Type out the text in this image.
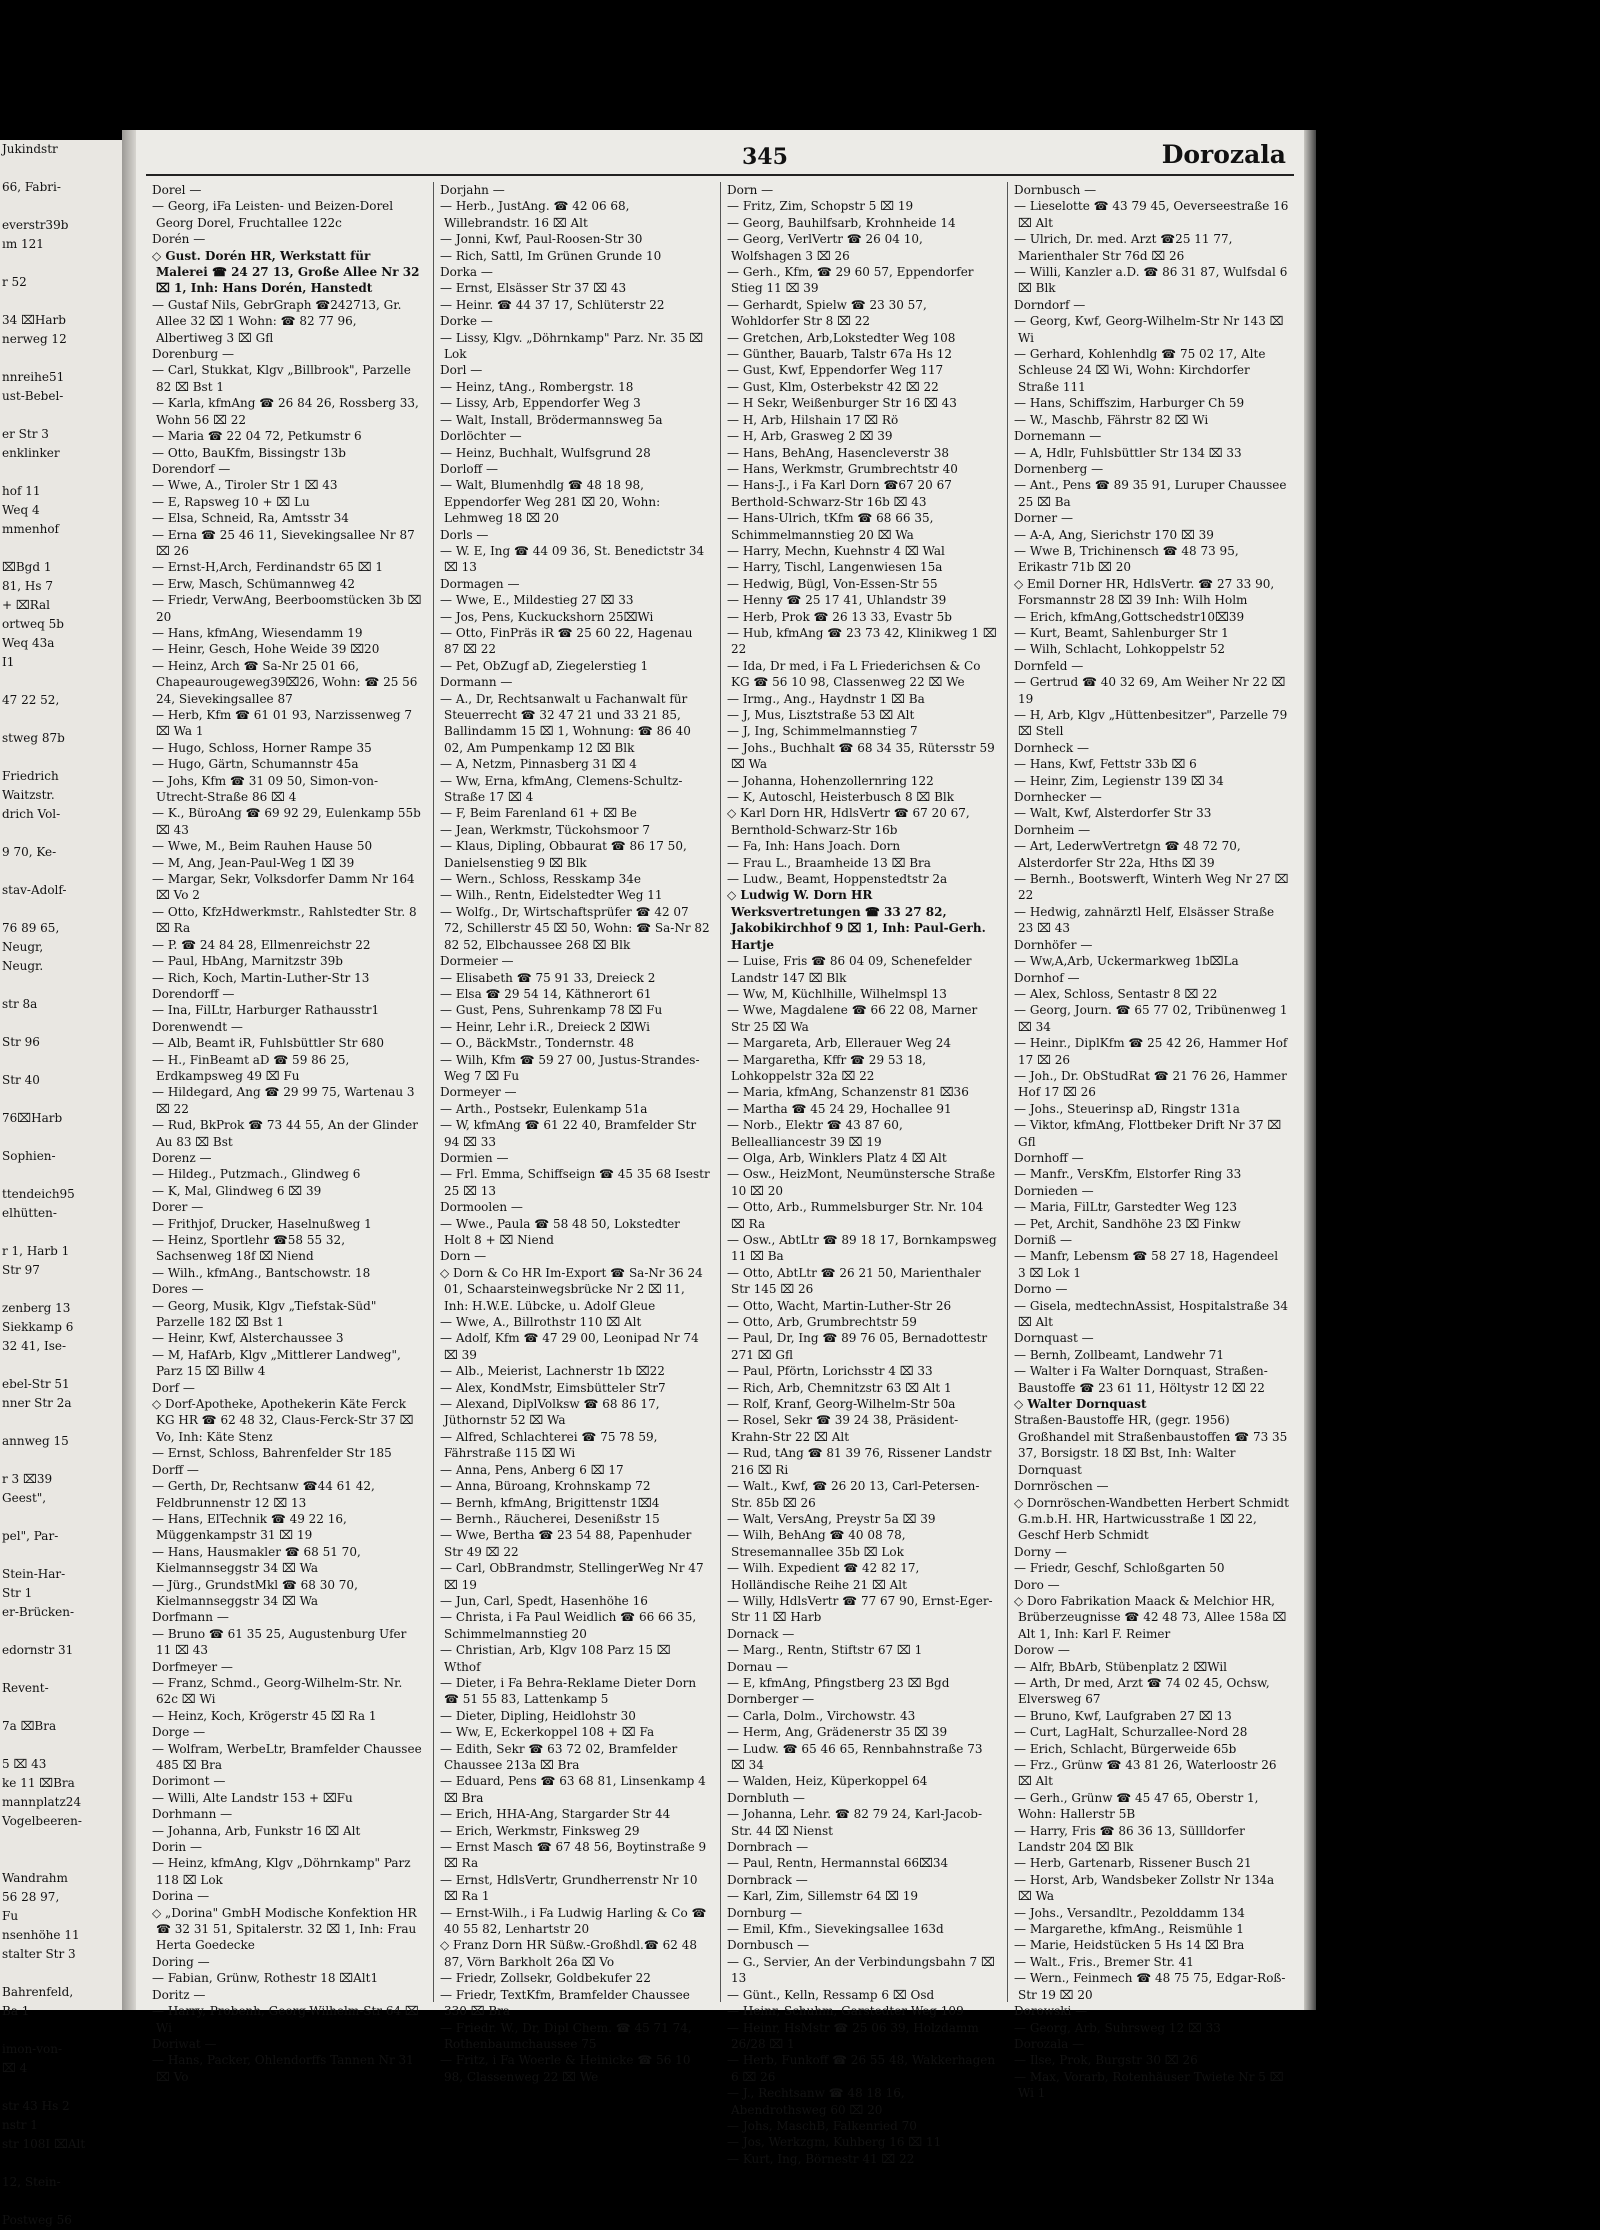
Jukindstr

66, Fabri-

everstr39b
ım 121

r 52

34 ⌧Harb
nerweg 12

nnreihe51
ust-Bebel-

er Str 3
enklinker

hof 11
Weq 4
mmenhof

⌧Bgd 1
81, Hs 7
+ ⌧Ral
ortweq 5b
Weq 43a
I1

47 22 52,

stweg 87b

Friedrich
Waitzstr.
drich Vol-

9 70, Ke-

stav-Adolf-

76 89 65,
Neugr,
Neugr.

str 8a

Str 96

Str 40

76⌧Harb

Sophien-

ttendeich95
elhütten-

r 1, Harb 1
Str 97

zenberg 13
Siekkamp 6
32 41, Ise-

ebel-Str 51
nner Str 2a

annweg 15

r 3 ⌧39
Geest",

pel", Par-

Stein-Har-
Str 1
er-Brücken-

edornstr 31

Revent-

7a ⌧Bra

5 ⌧ 43
ke 11 ⌧Bra
mannplatz24
Vogelbeeren-

Wandrahm
56 28 97,
Fu
nsenhöhe 11
stalter Str 3

Bahrenfeld,
Ba 1

imon-von-
⌧ 4

str 43 Hs 2
nstr 1
str 108I ⌧Alt

12, Stein-

Postweg 56
345	Dorozala
Dorel —
— Georg, iFa Leisten- und Beizen-Dorel Georg Dorel, Fruchtallee 122c
Dorén —
◇ Gust. Dorén HR, Werkstatt für Malerei ☎ 24 27 13, Große Allee Nr 32 ⌧ 1, Inh: Hans Dorén, Hanstedt
— Gustaf Nils, GebrGraph ☎242713, Gr. Allee 32 ⌧ 1 Wohn: ☎ 82 77 96, Albertiweg 3 ⌧ Gfl
Dorenburg —
— Carl, Stukkat, Klgv „Billbrook", Parzelle 82 ⌧ Bst 1
— Karla, kfmAng ☎ 26 84 26, Rossberg 33, Wohn 56 ⌧ 22
— Maria ☎ 22 04 72, Petkumstr 6
— Otto, BauKfm, Bissingstr 13b
Dorendorf —
— Wwe, A., Tiroler Str 1 ⌧ 43
— E, Rapsweg 10 + ⌧ Lu
— Elsa, Schneid, Ra, Amtsstr 34
— Erna ☎ 25 46 11, Sievekingsallee Nr 87 ⌧ 26
— Ernst-H,Arch, Ferdinandstr 65 ⌧ 1
— Erw, Masch, Schümannweg 42
— Friedr, VerwAng, Beerboomstücken 3b ⌧ 20
— Hans, kfmAng, Wiesendamm 19
— Heinr, Gesch, Hohe Weide 39 ⌧20
— Heinz, Arch ☎ Sa-Nr 25 01 66, Chapeaurougeweg39⌧26, Wohn: ☎ 25 56 24, Sievekingsallee 87
— Herb, Kfm ☎ 61 01 93, Narzissenweg 7 ⌧ Wa 1
— Hugo, Schloss, Horner Rampe 35
— Hugo, Gärtn, Schumannstr 45a
— Johs, Kfm ☎ 31 09 50, Simon-von-Utrecht-Straße 86 ⌧ 4
— K., BüroAng ☎ 69 92 29, Eulenkamp 55b ⌧ 43
— Wwe, M., Beim Rauhen Hause 50
— M, Ang, Jean-Paul-Weg 1 ⌧ 39
— Margar, Sekr, Volksdorfer Damm Nr 164 ⌧ Vo 2
— Otto, KfzHdwerkmstr., Rahlstedter Str. 8 ⌧ Ra
— P. ☎ 24 84 28, Ellmenreichstr 22
— Paul, HbAng, Marnitzstr 39b
— Rich, Koch, Martin-Luther-Str 13
Dorendorff —
— Ina, FilLtr, Harburger Rathausstr1
Dorenwendt —
— Alb, Beamt iR, Fuhlsbüttler Str 680
— H., FinBeamt aD ☎ 59 86 25, Erdkampsweg 49 ⌧ Fu
— Hildegard, Ang ☎ 29 99 75, Wartenau 3 ⌧ 22
— Rud, BkProk ☎ 73 44 55, An der Glinder Au 83 ⌧ Bst
Dorenz —
— Hildeg., Putzmach., Glindweg 6
— K, Mal, Glindweg 6 ⌧ 39
Dorer —
— Frithjof, Drucker, Haselnußweg 1
— Heinz, Sportlehr ☎58 55 32, Sachsenweg 18f ⌧ Niend
— Wilh., kfmAng., Bantschowstr. 18
Dores —
— Georg, Musik, Klgv „Tiefstak-Süd" Parzelle 182 ⌧ Bst 1
— Heinr, Kwf, Alsterchaussee 3
— M, HafArb, Klgv „Mittlerer Landweg", Parz 15 ⌧ Billw 4
Dorf —
◇ Dorf-Apotheke, Apothekerin Käte Ferck KG HR ☎ 62 48 32, Claus-Ferck-Str 37 ⌧ Vo, Inh: Käte Stenz
— Ernst, Schloss, Bahrenfelder Str 185
Dorff —
— Gerth, Dr, Rechtsanw ☎44 61 42, Feldbrunnenstr 12 ⌧ 13
— Hans, ElTechnik ☎ 49 22 16, Müggenkampstr 31 ⌧ 19
— Hans, Hausmakler ☎ 68 51 70, Kielmannseggstr 34 ⌧ Wa
— Jürg., GrundstMkl ☎ 68 30 70, Kielmannseggstr 34 ⌧ Wa
Dorfmann —
— Bruno ☎ 61 35 25, Augustenburg Ufer 11 ⌧ 43
Dorfmeyer —
— Franz, Schmd., Georg-Wilhelm-Str. Nr. 62c ⌧ Wi
— Heinz, Koch, Krögerstr 45 ⌧ Ra 1
Dorge —
— Wolfram, WerbeLtr, Bramfelder Chaussee 485 ⌧ Bra
Dorimont —
— Willi, Alte Landstr 153 + ⌧Fu
Dorhmann —
— Johanna, Arb, Funkstr 16 ⌧ Alt
Dorin —
— Heinz, kfmAng, Klgv „Döhrnkamp" Parz 118 ⌧ Lok
Dorina —
◇ „Dorina" GmbH Modische Konfektion HR ☎ 32 31 51, Spitalerstr. 32 ⌧ 1, Inh: Frau Herta Goedecke
Doring —
— Fabian, Grünw, Rothestr 18 ⌧Alt1
Doritz —
— Harry, Probenh, Georg-Wilhelm-Str 64 ⌧ Wi
Doriwat —
— Hans, Packer, Ohlendorffs Tannen Nr 31 ⌧ Vo
Dorjahn —
— Herb., JustAng. ☎ 42 06 68, Willebrandstr. 16 ⌧ Alt
— Jonni, Kwf, Paul-Roosen-Str 30
— Rich, Sattl, Im Grünen Grunde 10
Dorka —
— Ernst, Elsässer Str 37 ⌧ 43
— Heinr. ☎ 44 37 17, Schlüterstr 22
Dorke —
— Lissy, Klgv. „Döhrnkamp" Parz. Nr. 35 ⌧ Lok
Dorl —
— Heinz, tAng., Rombergstr. 18
— Lissy, Arb, Eppendorfer Weg 3
— Walt, Install, Brödermannsweg 5a
Dorlöchter —
— Heinz, Buchhalt, Wulfsgrund 28
Dorloff —
— Walt, Blumenhdlg ☎ 48 18 98, Eppendorfer Weg 281 ⌧ 20, Wohn: Lehmweg 18 ⌧ 20
Dorls —
— W. E, Ing ☎ 44 09 36, St. Benedictstr 34 ⌧ 13
Dormagen —
— Wwe, E., Mildestieg 27 ⌧ 33
— Jos, Pens, Kuckuckshorn 25⌧Wi
— Otto, FinPräs iR ☎ 25 60 22, Hagenau 87 ⌧ 22
— Pet, ObZugf aD, Ziegelerstieg 1
Dormann —
— A., Dr, Rechtsanwalt u Fachanwalt für Steuerrecht ☎ 32 47 21 und 33 21 85, Ballindamm 15 ⌧ 1, Wohnung: ☎ 86 40 02, Am Pumpenkamp 12 ⌧ Blk
— A, Netzm, Pinnasberg 31 ⌧ 4
— Ww, Erna, kfmAng, Clemens-Schultz-Straße 17 ⌧ 4
— F, Beim Farenland 61 + ⌧ Be
— Jean, Werkmstr, Tückohsmoor 7
— Klaus, Dipling, Obbaurat ☎ 86 17 50, Danielsenstieg 9 ⌧ Blk
— Wern., Schloss, Resskamp 34e
— Wilh., Rentn, Eidelstedter Weg 11
— Wolfg., Dr, Wirtschaftsprüfer ☎ 42 07 72, Schillerstr 45 ⌧ 50, Wohn: ☎ Sa-Nr 82 82 52, Elbchaussee 268 ⌧ Blk
Dormeier —
— Elisabeth ☎ 75 91 33, Dreieck 2
— Elsa ☎ 29 54 14, Käthnerort 61
— Gust, Pens, Suhrenkamp 78 ⌧ Fu
— Heinr, Lehr i.R., Dreieck 2 ⌧Wi
— O., BäckMstr., Tondernstr. 48
— Wilh, Kfm ☎ 59 27 00, Justus-Strandes-Weg 7 ⌧ Fu
Dormeyer —
— Arth., Postsekr, Eulenkamp 51a
— W, kfmAng ☎ 61 22 40, Bramfelder Str 94 ⌧ 33
Dormien —
— Frl. Emma, Schiffseign ☎ 45 35 68 Isestr 25 ⌧ 13
Dormoolen —
— Wwe., Paula ☎ 58 48 50, Lokstedter Holt 8 + ⌧ Niend
Dorn —
◇ Dorn & Co HR Im-Export ☎ Sa-Nr 36 24 01, Schaarsteinwegsbrücke Nr 2 ⌧ 11, Inh: H.W.E. Lübcke, u. Adolf Gleue
— Wwe, A., Billrothstr 110 ⌧ Alt
— Adolf, Kfm ☎ 47 29 00, Leonipad Nr 74 ⌧ 39
— Alb., Meierist, Lachnerstr 1b ⌧22
— Alex, KondMstr, Eimsbütteler Str7
— Alexand, DiplVolksw ☎ 68 86 17, Jüthornstr 52 ⌧ Wa
— Alfred, Schlachterei ☎ 75 78 59, Fährstraße 115 ⌧ Wi
— Anna, Pens, Anberg 6 ⌧ 17
— Anna, Büroang, Krohnskamp 72
— Bernh, kfmAng, Brigittenstr 1⌧4
— Bernh., Räucherei, Desenißstr 15
— Wwe, Bertha ☎ 23 54 88, Papenhuder Str 49 ⌧ 22
— Carl, ObBrandmstr, StellingerWeg Nr 47 ⌧ 19
— Jun, Carl, Spedt, Hasenhöhe 16
— Christa, i Fa Paul Weidlich ☎ 66 66 35, Schimmelmannstieg 20
— Christian, Arb, Klgv 108 Parz 15 ⌧ Wthof
— Dieter, i Fa Behra-Reklame Dieter Dorn ☎ 51 55 83, Lattenkamp 5
— Dieter, Dipling, Heidlohstr 30
— Ww, E, Eckerkoppel 108 + ⌧ Fa
— Edith, Sekr ☎ 63 72 02, Bramfelder Chaussee 213a ⌧ Bra
— Eduard, Pens ☎ 63 68 81, Linsenkamp 4 ⌧ Bra
— Erich, HHA-Ang, Stargarder Str 44
— Erich, Werkmstr, Finksweg 29
— Ernst Masch ☎ 67 48 56, Boytinstraße 9 ⌧ Ra
— Ernst, HdlsVertr, Grundherrenstr Nr 10 ⌧ Ra 1
— Ernst-Wilh., i Fa Ludwig Harling & Co ☎ 40 55 82, Lenhartstr 20
◇ Franz Dorn HR Süßw.-Großhdl.☎ 62 48 87, Vörn Barkholt 26a ⌧ Vo
— Friedr, Zollsekr, Goldbekufer 22
— Friedr, TextKfm, Bramfelder Chaussee 330 ⌧ Bra
— Friedr. W., Dr, Dipl Chem. ☎ 45 71 74, Rothenbaumchaussee 75
— Fritz, i Fa Woerle & Heinicke ☎ 56 10 98, Classenweg 22 ⌧ We
Dorn —
— Fritz, Zim, Schopstr 5 ⌧ 19
— Georg, Bauhilfsarb, Krohnheide 14
— Georg, VerlVertr ☎ 26 04 10, Wolfshagen 3 ⌧ 26
— Gerh., Kfm, ☎ 29 60 57, Eppendorfer Stieg 11 ⌧ 39
— Gerhardt, Spielw ☎ 23 30 57, Wohldorfer Str 8 ⌧ 22
— Gretchen, Arb,Lokstedter Weg 108
— Günther, Bauarb, Talstr 67a Hs 12
— Gust, Kwf, Eppendorfer Weg 117
— Gust, Klm, Osterbekstr 42 ⌧ 22
— H Sekr, Weißenburger Str 16 ⌧ 43
— H, Arb, Hilshain 17 ⌧ Rö
— H, Arb, Grasweg 2 ⌧ 39
— Hans, BehAng, Hasencleverstr 38
— Hans, Werkmstr, Grumbrechtstr 40
— Hans-J., i Fa Karl Dorn ☎67 20 67 Berthold-Schwarz-Str 16b ⌧ 43
— Hans-Ulrich, tKfm ☎ 68 66 35, Schimmelmannstieg 20 ⌧ Wa
— Harry, Mechn, Kuehnstr 4 ⌧ Wal
— Harry, Tischl, Langenwiesen 15a
— Hedwig, Bügl, Von-Essen-Str 55
— Henny ☎ 25 17 41, Uhlandstr 39
— Herb, Prok ☎ 26 13 33, Evastr 5b
— Hub, kfmAng ☎ 23 73 42, Klinikweg 1 ⌧ 22
— Ida, Dr med, i Fa L Friederichsen & Co KG ☎ 56 10 98, Classenweg 22 ⌧ We
— Irmg., Ang., Haydnstr 1 ⌧ Ba
— J, Mus, Lisztstraße 53 ⌧ Alt
— J, Ing, Schimmelmannstieg 7
— Johs., Buchhalt ☎ 68 34 35, Rütersstr 59 ⌧ Wa
— Johanna, Hohenzollernring 122
— K, Autoschl, Heisterbusch 8 ⌧ Blk
◇ Karl Dorn HR, HdlsVertr ☎ 67 20 67, Bernthold-Schwarz-Str 16b
— Fa, Inh: Hans Joach. Dorn
— Frau L., Braamheide 13 ⌧ Bra
— Ludw., Beamt, Hoppenstedtstr 2a
◇ Ludwig W. Dorn HR Werksvertretungen ☎ 33 27 82, Jakobikirchhof 9 ⌧ 1, Inh: Paul-Gerh. Hartje
— Luise, Fris ☎ 86 04 09, Schenefelder Landstr 147 ⌧ Blk
— Ww, M, Küchlhille, Wilhelmspl 13
— Wwe, Magdalene ☎ 66 22 08, Marner Str 25 ⌧ Wa
— Margareta, Arb, Ellerauer Weg 24
— Margaretha, Kffr ☎ 29 53 18, Lohkoppelstr 32a ⌧ 22
— Maria, kfmAng, Schanzenstr 81 ⌧36
— Martha ☎ 45 24 29, Hochallee 91
— Norb., Elektr ☎ 43 87 60, Bellealliancestr 39 ⌧ 19
— Olga, Arb, Winklers Platz 4 ⌧ Alt
— Osw., HeizMont, Neumünstersche Straße 10 ⌧ 20
— Otto, Arb., Rummelsburger Str. Nr. 104 ⌧ Ra
— Osw., AbtLtr ☎ 89 18 17, Bornkampsweg 11 ⌧ Ba
— Otto, AbtLtr ☎ 26 21 50, Marienthaler Str 145 ⌧ 26
— Otto, Wacht, Martin-Luther-Str 26
— Otto, Arb, Grumbrechtstr 59
— Paul, Dr, Ing ☎ 89 76 05, Bernadottestr 271 ⌧ Gfl
— Paul, Pförtn, Lorichsstr 4 ⌧ 33
— Rich, Arb, Chemnitzstr 63 ⌧ Alt 1
— Rolf, Kranf, Georg-Wilhelm-Str 50a
— Rosel, Sekr ☎ 39 24 38, Präsident-Krahn-Str 22 ⌧ Alt
— Rud, tAng ☎ 81 39 76, Rissener Landstr 216 ⌧ Ri
— Walt., Kwf, ☎ 26 20 13, Carl-Petersen-Str. 85b ⌧ 26
— Walt, VersAng, Preystr 5a ⌧ 39
— Wilh, BehAng ☎ 40 08 78, Stresemannallee 35b ⌧ Lok
— Wilh. Expedient ☎ 42 82 17, Holländische Reihe 21 ⌧ Alt
— Willy, HdlsVertr ☎ 77 67 90, Ernst-Eger-Str 11 ⌧ Harb
Dornack —
— Marg., Rentn, Stiftstr 67 ⌧ 1
Dornau —
— E, kfmAng, Pfingstberg 23 ⌧ Bgd
Dornberger —
— Carla, Dolm., Virchowstr. 43
— Herm, Ang, Grädenerstr 35 ⌧ 39
— Ludw. ☎ 65 46 65, Rennbahnstraße 73 ⌧ 34
— Walden, Heiz, Küperkoppel 64
Dornbluth —
— Johanna, Lehr. ☎ 82 79 24, Karl-Jacob-Str. 44 ⌧ Nienst
Dornbrach —
— Paul, Rentn, Hermannstal 66⌧34
Dornbrack —
— Karl, Zim, Sillemstr 64 ⌧ 19
Dornburg —
— Emil, Kfm., Sievekingsallee 163d
Dornbusch —
— G., Servier, An der Verbindungsbahn 7 ⌧ 13
— Günt., Kelln, Ressamp 6 ⌧ Osd
— Heinr, Schuhm, Garstedter Weg 109
— Heinr, HsMstr ☎ 25 06 39, Holzdamm 26/28 ⌧ 1
— Herb, Funkoff ☎ 26 55 48, Wakkerhagen 6 ⌧ 26
— J., Rechtsanw ☎ 48 18 16, Abendrothsweg 60 ⌧ 20
— Johs, MaschB, Falkenried 70
— Jos, Werkzgm, Kuhberg 16 ⌧ 11
— Kurt, Ing, Börnestr 41 ⌧ 22
Dornbusch —
— Lieselotte ☎ 43 79 45, Oeverseestraße 16 ⌧ Alt
— Ulrich, Dr. med. Arzt ☎25 11 77, Marienthaler Str 76d ⌧ 26
— Willi, Kanzler a.D. ☎ 86 31 87, Wulfsdal 6 ⌧ Blk
Dorndorf —
— Georg, Kwf, Georg-Wilhelm-Str Nr 143 ⌧ Wi
— Gerhard, Kohlenhdlg ☎ 75 02 17, Alte Schleuse 24 ⌧ Wi, Wohn: Kirchdorfer Straße 111
— Hans, Schiffszim, Harburger Ch 59
— W., Maschb, Fährstr 82 ⌧ Wi
Dornemann —
— A, Hdlr, Fuhlsbüttler Str 134 ⌧ 33
Dornenberg —
— Ant., Pens ☎ 89 35 91, Luruper Chaussee 25 ⌧ Ba
Dorner —
— A-A, Ang, Sierichstr 170 ⌧ 39
— Wwe B, Trichinensch ☎ 48 73 95, Erikastr 71b ⌧ 20
◇ Emil Dorner HR, HdlsVertr. ☎ 27 33 90, Forsmannstr 28 ⌧ 39 Inh: Wilh Holm
— Erich, kfmAng,Gottschedstr10⌧39
— Kurt, Beamt, Sahlenburger Str 1
— Wilh, Schlacht, Lohkoppelstr 52
Dornfeld —
— Gertrud ☎ 40 32 69, Am Weiher Nr 22 ⌧ 19
— H, Arb, Klgv „Hüttenbesitzer", Parzelle 79 ⌧ Stell
Dornheck —
— Hans, Kwf, Fettstr 33b ⌧ 6
— Heinr, Zim, Legienstr 139 ⌧ 34
Dornhecker —
— Walt, Kwf, Alsterdorfer Str 33
Dornheim —
— Art, LederwVertretgn ☎ 48 72 70, Alsterdorfer Str 22a, Hths ⌧ 39
— Bernh., Bootswerft, Winterh Weg Nr 27 ⌧ 22
— Hedwig, zahnärztl Helf, Elsässer Straße 23 ⌧ 43
Dornhöfer —
— Ww,A,Arb, Uckermarkweg 1b⌧La
Dornhof —
— Alex, Schloss, Sentastr 8 ⌧ 22
— Georg, Journ. ☎ 65 77 02, Tribünenweg 1 ⌧ 34
— Heinr., DiplKfm ☎ 25 42 26, Hammer Hof 17 ⌧ 26
— Joh., Dr. ObStudRat ☎ 21 76 26, Hammer Hof 17 ⌧ 26
— Johs., Steuerinsp aD, Ringstr 131a
— Viktor, kfmAng, Flottbeker Drift Nr 37 ⌧ Gfl
Dornhoff —
— Manfr., VersKfm, Elstorfer Ring 33
Dornieden —
— Maria, FilLtr, Garstedter Weg 123
— Pet, Archit, Sandhöhe 23 ⌧ Finkw
Dorniß —
— Manfr, Lebensm ☎ 58 27 18, Hagendeel 3 ⌧ Lok 1
Dorno —
— Gisela, medtechnAssist, Hospitalstraße 34 ⌧ Alt
Dornquast —
— Bernh, Zollbeamt, Landwehr 71
— Walter i Fa Walter Dornquast, Straßen-Baustoffe ☎ 23 61 11, Höltystr 12 ⌧ 22
◇ Walter Dornquast
Straßen-Baustoffe HR, (gegr. 1956) Großhandel mit Straßenbaustoffen ☎ 73 35 37, Borsigstr. 18 ⌧ Bst, Inh: Walter Dornquast
Dornröschen —
◇ Dornröschen-Wandbetten Herbert Schmidt G.m.b.H. HR, Hartwicusstraße 1 ⌧ 22, Geschf Herb Schmidt
Dorny —
— Friedr, Geschf, Schloßgarten 50
Doro —
◇ Doro Fabrikation Maack & Melchior HR, Brüberzeugnisse ☎ 42 48 73, Allee 158a ⌧ Alt 1, Inh: Karl F. Reimer
Dorow —
— Alfr, BbArb, Stübenplatz 2 ⌧Wil
— Arth, Dr med, Arzt ☎ 74 02 45, Ochsw, Elversweg 67
— Bruno, Kwf, Laufgraben 27 ⌧ 13
— Curt, LagHalt, Schurzallee-Nord 28
— Erich, Schlacht, Bürgerweide 65b
— Frz., Grünw ☎ 43 81 26, Waterloostr 26 ⌧ Alt
— Gerh., Grünw ☎ 45 47 65, Oberstr 1, Wohn: Hallerstr 5B
— Harry, Fris ☎ 86 36 13, Süllldorfer Landstr 204 ⌧ Blk
— Herb, Gartenarb, Rissener Busch 21
— Horst, Arb, Wandsbeker Zollstr Nr 134a ⌧ Wa
— Johs., Versandltr., Pezolddamm 134
— Margarethe, kfmAng., Reismühle 1
— Marie, Heidstücken 5 Hs 14 ⌧ Bra
— Walt., Fris., Bremer Str. 41
— Wern., Feinmech ☎ 48 75 75, Edgar-Roß-Str 19 ⌧ 20
Dorowski —
— Georg, Arb, Suhrsweg 12 ⌧ 33
Dorozala —
— Ilse, Prok, Burgstr 30 ⌧ 26
— Max, Vorarb, Rotenhäuser Twiete Nr 5 ⌧ Wi 1
